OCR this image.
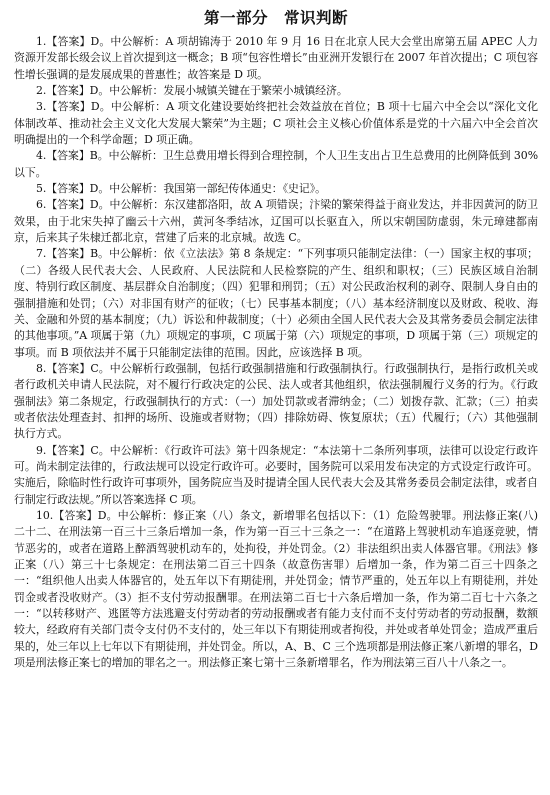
第一部分　常识判断

1.【答案】D。中公解析：A 项胡锦涛于 2010 年 9 月 16 日在北京人民大会堂出席第五届 APEC 人力资源开发部长级会议上首次提到这一概念；B 项“包容性增长”由亚洲开发银行在 2007 年首次提出；C 项包容性增长强调的是发展成果的普惠性；故答案是 D 项。

2.【答案】D。中公解析：发展小城镇关键在于繁荣小城镇经济。

3.【答案】D。中公解析：A 项文化建设要始终把社会效益放在首位；B 项十七届六中全会以“深化文化体制改革、推动社会主义文化大发展大繁荣”为主题；C 项社会主义核心价值体系是党的十六届六中全会首次明确提出的一个科学命题；D 项正确。

4.【答案】B。中公解析：卫生总费用增长得到合理控制，个人卫生支出占卫生总费用的比例降低到 30%以下。

5.【答案】D。中公解析：我国第一部纪传体通史：《史记》。

6.【答案】D。中公解析：东汉建都洛阳，故 A 项错误；汴梁的繁荣得益于商业发达，并非因黄河的防卫效果，由于北宋失掉了幽云十六州，黄河冬季结冰，辽国可以长驱直入，所以宋朝国防虚弱，朱元璋建都南京，后来其子朱棣迁都北京，营建了后来的北京城。故选 C。

7.【答案】B。中公解析：依《立法法》第 8 条规定：“下列事项只能制定法律：（一）国家主权的事项；（二）各级人民代表大会、人民政府、人民法院和人民检察院的产生、组织和职权；（三）民族区域自治制度、特别行政区制度、基层群众自治制度；（四）犯罪和刑罚；（五）对公民政治权利的剥夺、限制人身自由的强制措施和处罚；（六）对非国有财产的征收；（七）民事基本制度；（八）基本经济制度以及财政、税收、海关、金融和外贸的基本制度；（九）诉讼和仲裁制度；（十）必须由全国人民代表大会及其常务委员会制定法律的其他事项。”A 项属于第（九）项规定的事项，C 项属于第（六）项规定的事项，D 项属于第（三）项规定的事项。而 B 项依法并不属于只能制定法律的范围。因此，应该选择 B 项。

8.【答案】C。中公解析行政强制，包括行政强制措施和行政强制执行。行政强制执行，是指行政机关或者行政机关申请人民法院，对不履行行政决定的公民、法人或者其他组织，依法强制履行义务的行为。《行政强制法》第二条规定，行政强制执行的方式：（一）加处罚款或者滞纳金；（二）划拨存款、汇款；（三）拍卖或者依法处理查封、扣押的场所、设施或者财物；（四）排除妨碍、恢复原状；（五）代履行；（六）其他强制执行方式。

9.【答案】C。中公解析：《行政许可法》第十四条规定：“本法第十二条所列事项，法律可以设定行政许可。尚未制定法律的，行政法规可以设定行政许可。必要时，国务院可以采用发布决定的方式设定行政许可。实施后，除临时性行政许可事项外，国务院应当及时提请全国人民代表大会及其常务委员会制定法律，或者自行制定行政法规。”所以答案选择 C 项。

10.【答案】D。中公解析：修正案（八）条文，新增罪名包括以下：（1）危险驾驶罪。刑法修正案(八) 二十二、在刑法第一百三十三条后增加一条，作为第一百三十三条之一：“在道路上驾驶机动车追逐竞驶，情节恶劣的，或者在道路上醉酒驾驶机动车的，处拘役，并处罚金。（2）非法组织出卖人体器官罪。《刑法》修正案（八）第三十七条规定：在刑法第二百三十四条（故意伤害罪）后增加一条，作为第二百三十四条之一：“组织他人出卖人体器官的，处五年以下有期徒刑，并处罚金；情节严重的，处五年以上有期徒刑，并处罚金或者没收财产。（3）拒不支付劳动报酬罪。在刑法第二百七十六条后增加一条，作为第二百七十六条之一：“以转移财产、逃匿等方法逃避支付劳动者的劳动报酬或者有能力支付而不支付劳动者的劳动报酬，数额较大，经政府有关部门责令支付仍不支付的，处三年以下有期徒刑或者拘役，并处或者单处罚金；造成严重后果的，处三年以上七年以下有期徒刑，并处罚金。所以，A、B、C 三个选项都是刑法修正案八新增的罪名，D 项是刑法修正案七的增加的罪名之一。刑法修正案七第十三条新增罪名，作为刑法第三百八十八条之一。
